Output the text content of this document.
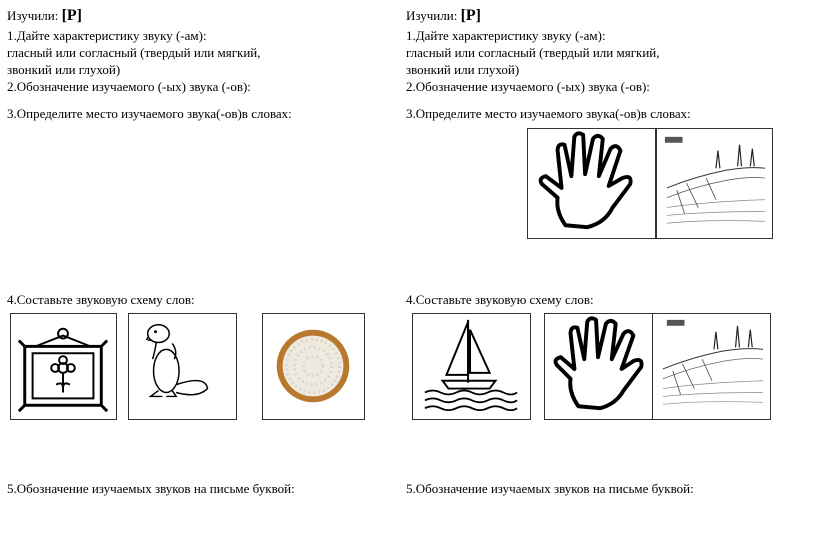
Изучили: [Р]
1.Дайте характеристику звуку (-ам):
гласный или согласный (твердый или мягкий,
звонкий или глухой)
2.Обозначение изучаемого (-ых) звука (-ов):
3.Определите место изучаемого звука(-ов)в словах:
4.Составьте звуковую схему слов:
5.Обозначение изучаемых звуков на письме буквой:
Изучили: [Р]
1.Дайте характеристику звуку (-ам):
гласный или согласный (твердый или мягкий,
звонкий или глухой)
2.Обозначение изучаемого (-ых) звука (-ов):
3.Определите место изучаемого звука(-ов)в словах:
4.Составьте звуковую схему слов:
5.Обозначение изучаемых звуков на письме буквой:
